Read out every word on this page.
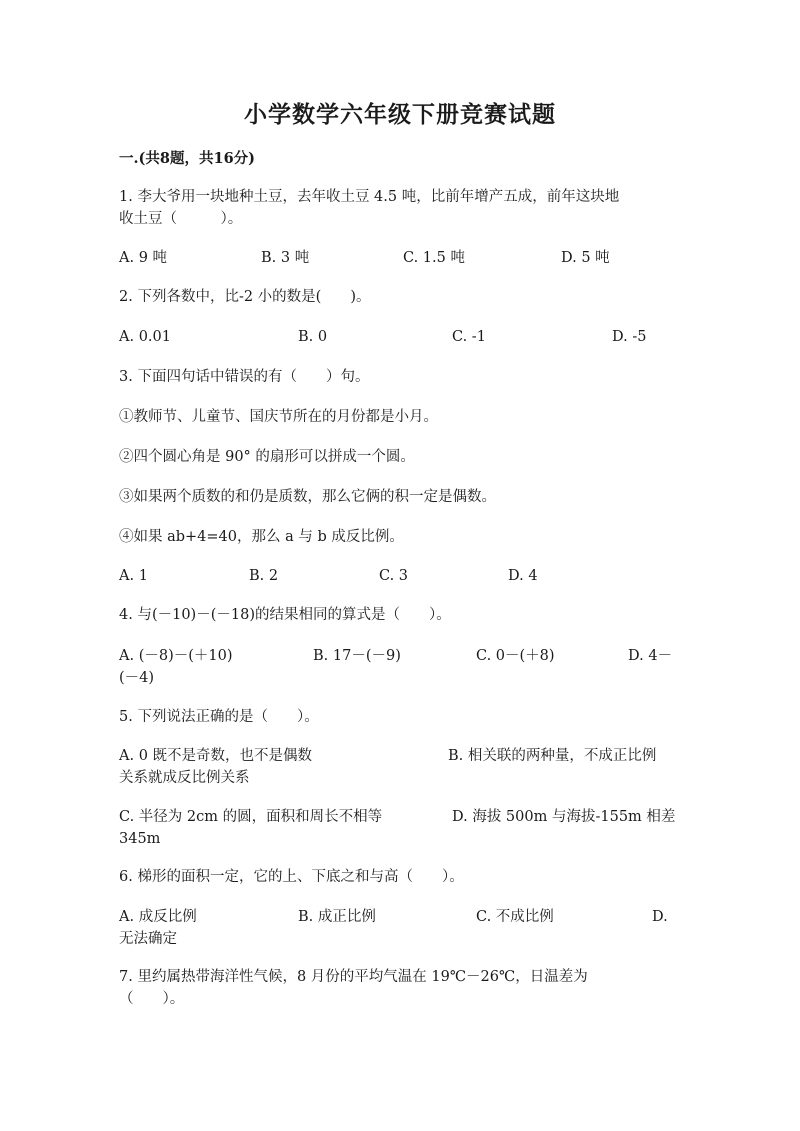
小学数学六年级下册竞赛试题
一.(共8题，共16分)
1. 李大爷用一块地种土豆，去年收土豆 4.5 吨，比前年增产五成，前年这块地
收土豆（　　　）。
A. 9 吨	B. 3 吨	C. 1.5 吨	D. 5 吨
2. 下列各数中，比-2 小的数是(　　)。
A. 0.01	B. 0	C. -1	D. -5
3. 下面四句话中错误的有（　　）句。
①教师节、儿童节、国庆节所在的月份都是小月。
②四个圆心角是 90° 的扇形可以拼成一个圆。
③如果两个质数的和仍是质数，那么它俩的积一定是偶数。
④如果 ab+4=40，那么 a 与 b 成反比例。
A. 1	B. 2	C. 3	D. 4
4. 与(－10)－(－18)的结果相同的算式是（　　）。
A. (－8)－(＋10)	B. 17－(－9)	C. 0－(＋8)	D. 4－
(－4)
5. 下列说法正确的是（　　）。
A. 0 既不是奇数，也不是偶数	B. 相关联的两种量，不成正比例
关系就成反比例关系
C. 半径为 2cm 的圆，面积和周长不相等	D. 海拔 500m 与海拔-155m 相差
345m
6. 梯形的面积一定，它的上、下底之和与高（　　）。
A. 成反比例	B. 成正比例	C. 不成比例	D.
无法确定
7. 里约属热带海洋性气候，8 月份的平均气温在 19℃－26℃，日温差为
（　　）。
